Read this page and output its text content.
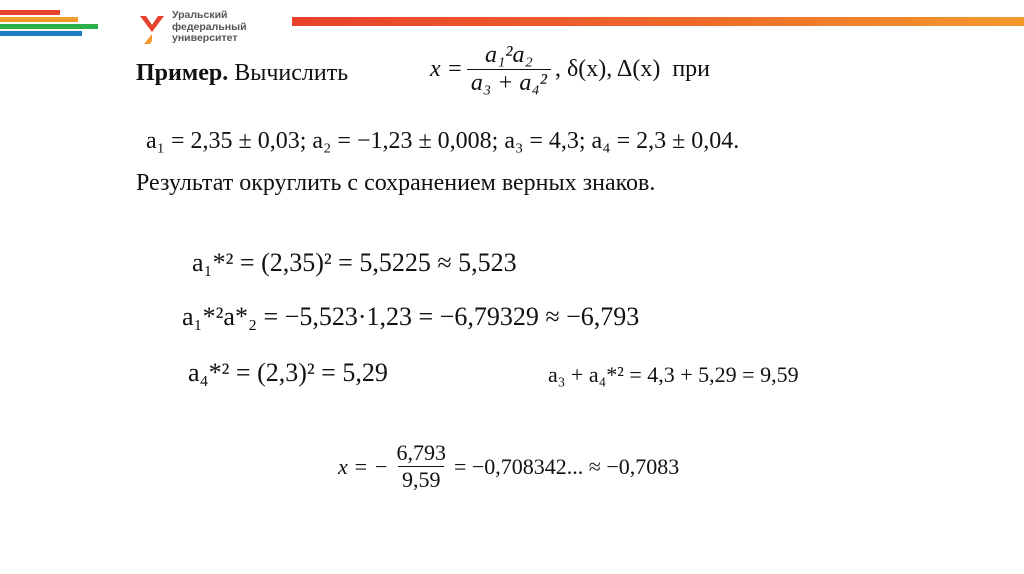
Уральский
федеральный
университет
Пример. Вычислить	$x = \frac{\text{a₁²a₂}}{\text{a₃ + a₄²}}$ , δ(x), Δ(x) при
a₁ = 2,35 ± 0,03; a₂ = −1,23 ± 0,008; a₃ = 4,3; a₄ = 2,3 ± 0,04.
Результат округлить с сохранением верных знаков.
a₁*² = (2,35)² = 5,5225 ≈ 5,523
a₁*²a*₂ = −5,523·1,23 = −6,79329 ≈ −6,793
a₄*² = (2,3)² = 5,29	a₃ + a₄*² = 4,3 + 5,29 = 9,59
x = − $\frac{6,793}{9,59} = -0,708342$... ≈ −0,7083
